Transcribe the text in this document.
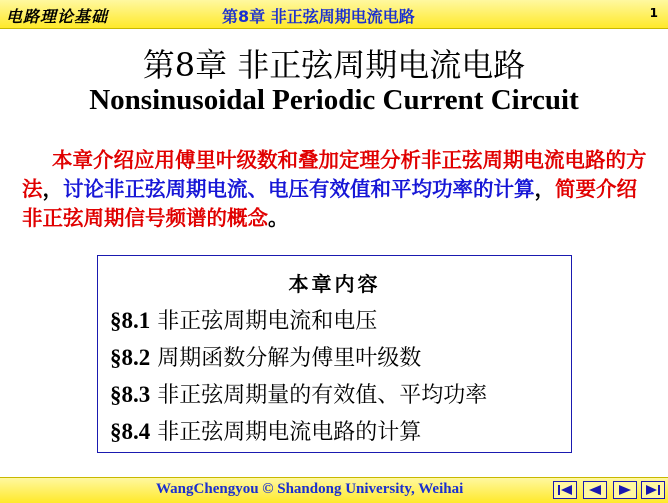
电路理论基础	第8章 非正弦周期电流电路	1
第8章 非正弦周期电流电路
Nonsinusoidal Periodic Current Circuit
本章介绍应用傅里叶级数和叠加定理分析非正弦周期电流电路的方法，讨论非正弦周期电流、电压有效值和平均功率的计算，简要介绍非正弦周期信号频谱的概念。
本章内容
§8.1 非正弦周期电流和电压
§8.2 周期函数分解为傅里叶级数
§8.3 非正弦周期量的有效值、平均功率
§8.4 非正弦周期电流电路的计算
WangChengyou © Shandong University, Weihai
